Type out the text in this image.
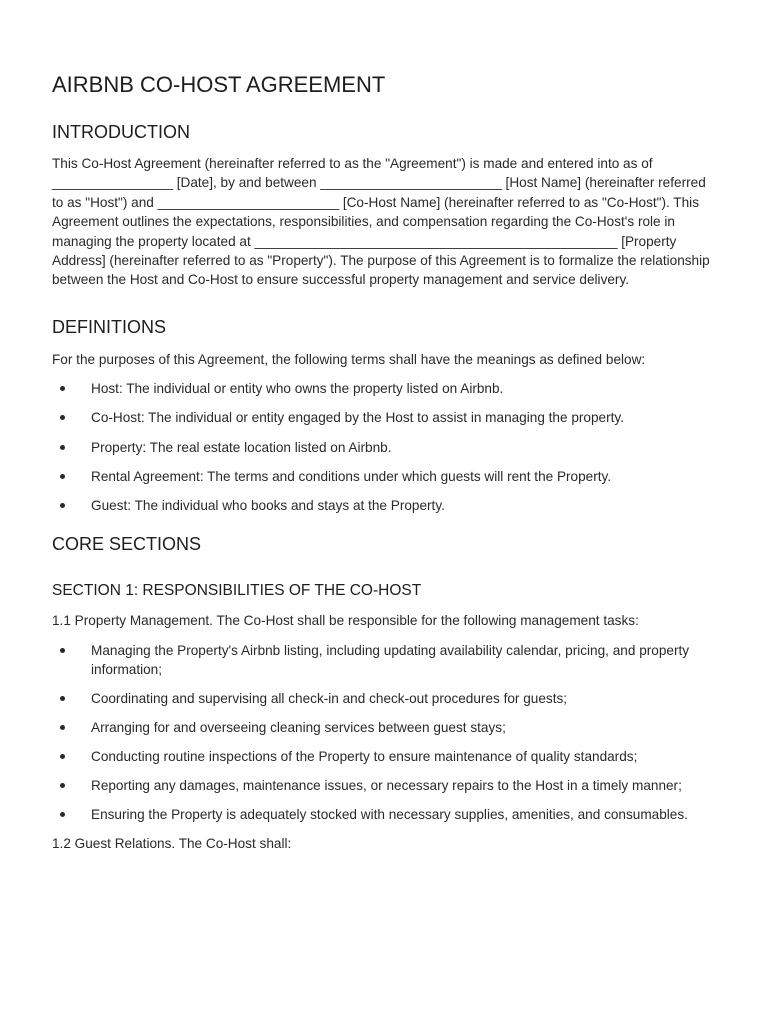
AIRBNB CO-HOST AGREEMENT
INTRODUCTION

This Co-Host Agreement (hereinafter referred to as the "Agreement") is made and entered into as of ________________ [Date], by and between ________________________ [Host Name] (hereinafter referred to as "Host") and ________________________ [Co-Host Name] (hereinafter referred to as "Co-Host"). This Agreement outlines the expectations, responsibilities, and compensation regarding the Co-Host's role in managing the property located at ________________________________________________ [Property Address] (hereinafter referred to as "Property"). The purpose of this Agreement is to formalize the relationship between the Host and Co-Host to ensure successful property management and service delivery.

DEFINITIONS

For the purposes of this Agreement, the following terms shall have the meanings as defined below:

Host: The individual or entity who owns the property listed on Airbnb.
Co-Host: The individual or entity engaged by the Host to assist in managing the property.
Property: The real estate location listed on Airbnb.
Rental Agreement: The terms and conditions under which guests will rent the Property.
Guest: The individual who books and stays at the Property.
CORE SECTIONS
SECTION 1: RESPONSIBILITIES OF THE CO-HOST

1.1 Property Management. The Co-Host shall be responsible for the following management tasks:

Managing the Property's Airbnb listing, including updating availability calendar, pricing, and property information;
Coordinating and supervising all check-in and check-out procedures for guests;
Arranging for and overseeing cleaning services between guest stays;
Conducting routine inspections of the Property to ensure maintenance of quality standards;
Reporting any damages, maintenance issues, or necessary repairs to the Host in a timely manner;
Ensuring the Property is adequately stocked with necessary supplies, amenities, and consumables.

1.2 Guest Relations. The Co-Host shall:
